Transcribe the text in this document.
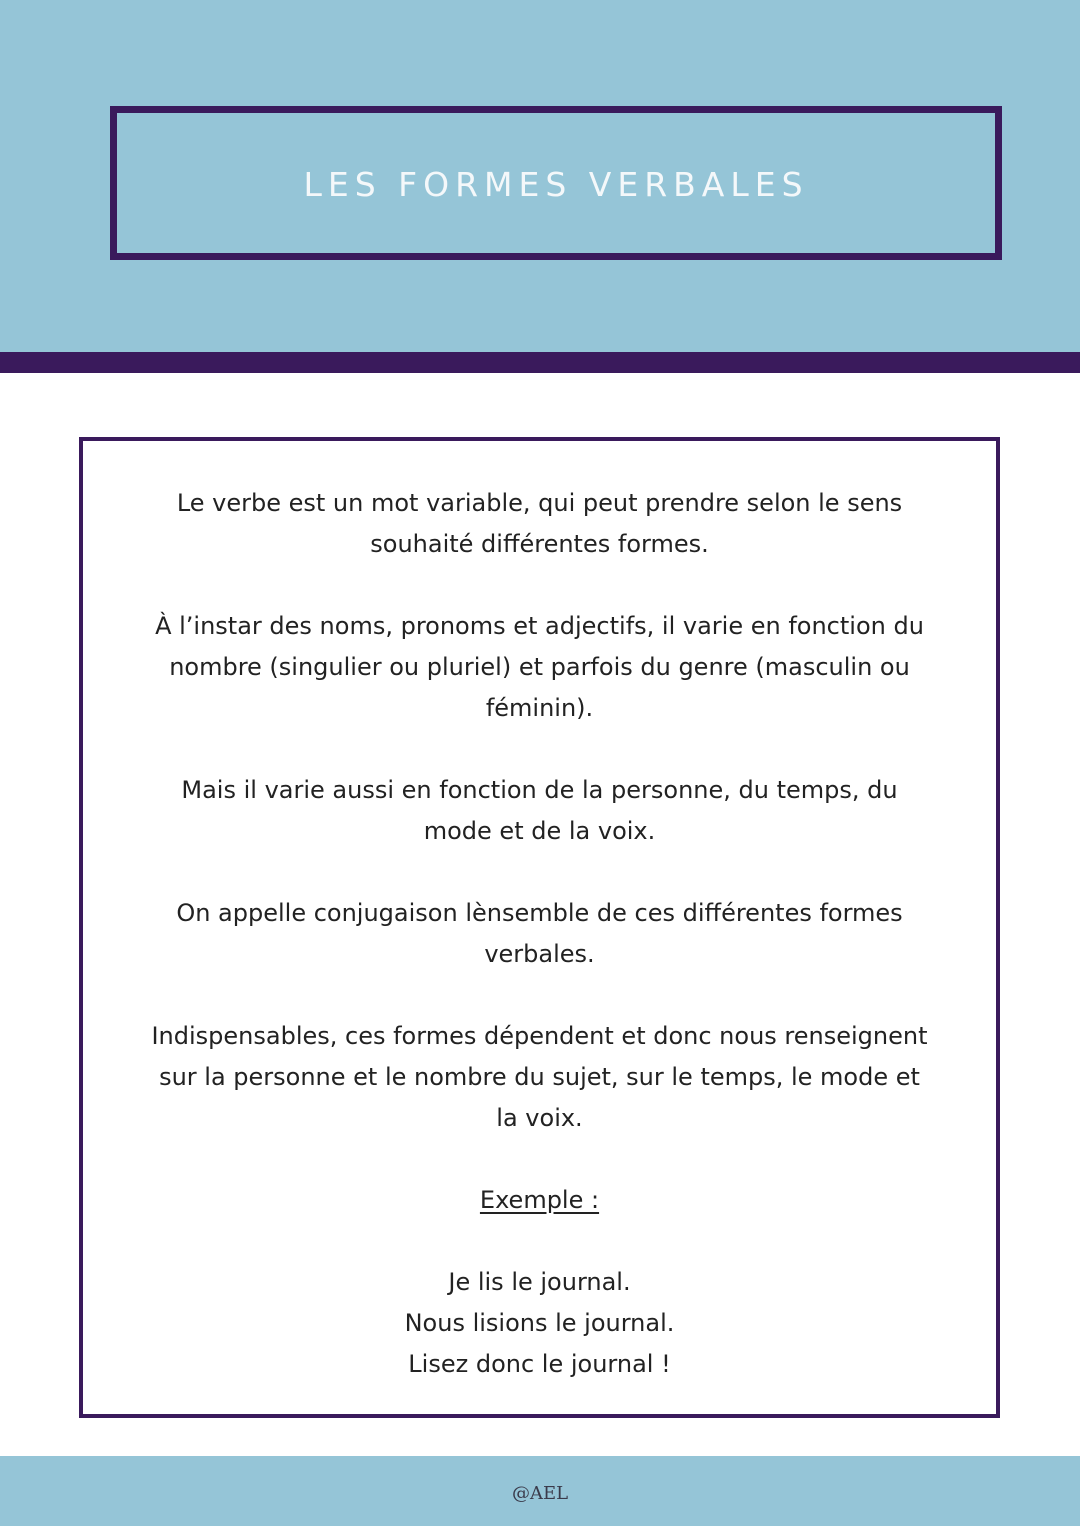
LES FORMES VERBALES

Le verbe est un mot variable, qui peut prendre selon le sens souhaité différentes formes.

À l’instar des noms, pronoms et adjectifs, il varie en fonction du nombre (singulier ou pluriel) et parfois du genre (masculin ou féminin).

Mais il varie aussi en fonction de la personne, du temps, du mode et de la voix.

On appelle conjugaison lènsemble de ces différentes formes verbales.

Indispensables, ces formes dépendent et donc nous renseignent sur la personne et le nombre du sujet, sur le temps, le mode et la voix.

Exemple :

Je lis le journal.
Nous lisions le journal.
Lisez donc le journal !
@AEL
